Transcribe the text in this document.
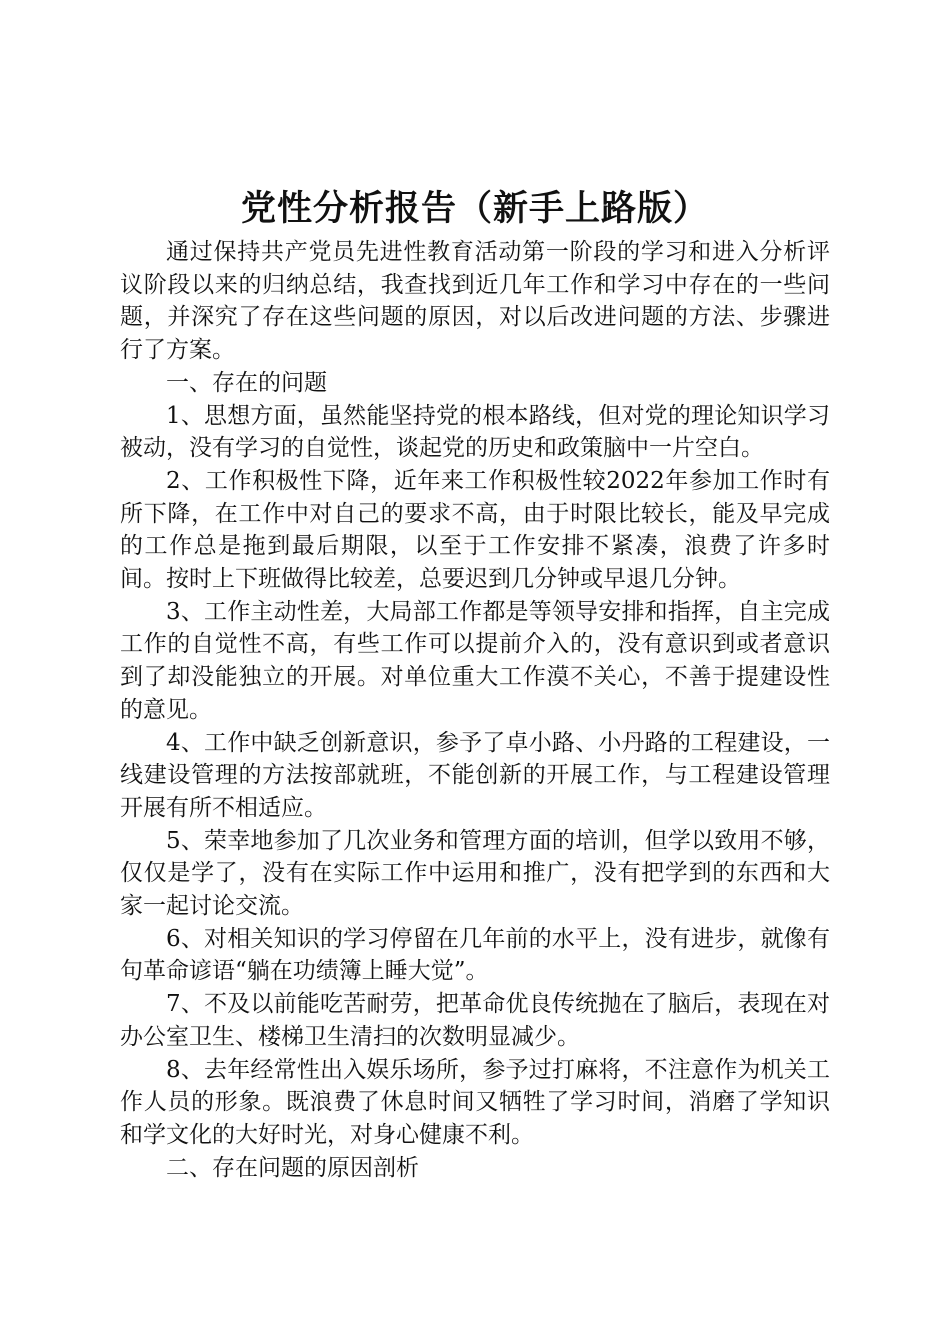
党性分析报告（新手上路版）

通过保持共产党员先进性教育活动第一阶段的学习和进入分析评议阶段以来的归纳总结，我查找到近几年工作和学习中存在的一些问题，并深究了存在这些问题的原因，对以后改进问题的方法、步骤进行了方案。

一、存在的问题

1、思想方面，虽然能坚持党的根本路线，但对党的理论知识学习被动，没有学习的自觉性，谈起党的历史和政策脑中一片空白。

2、工作积极性下降，近年来工作积极性较2022年参加工作时有所下降，在工作中对自己的要求不高，由于时限比较长，能及早完成的工作总是拖到最后期限，以至于工作安排不紧凑，浪费了许多时间。按时上下班做得比较差，总要迟到几分钟或早退几分钟。

3、工作主动性差，大局部工作都是等领导安排和指挥，自主完成工作的自觉性不高，有些工作可以提前介入的，没有意识到或者意识到了却没能独立的开展。对单位重大工作漠不关心，不善于提建设性的意见。

4、工作中缺乏创新意识，参予了卓小路、小丹路的工程建设，一线建设管理的方法按部就班，不能创新的开展工作，与工程建设管理开展有所不相适应。

5、荣幸地参加了几次业务和管理方面的培训，但学以致用不够，仅仅是学了，没有在实际工作中运用和推广，没有把学到的东西和大家一起讨论交流。

6、对相关知识的学习停留在几年前的水平上，没有进步，就像有句革命谚语“躺在功绩簿上睡大觉”。

7、不及以前能吃苦耐劳，把革命优良传统抛在了脑后，表现在对办公室卫生、楼梯卫生清扫的次数明显减少。

8、去年经常性出入娱乐场所，参予过打麻将，不注意作为机关工作人员的形象。既浪费了休息时间又牺牲了学习时间，消磨了学知识和学文化的大好时光，对身心健康不利。

二、存在问题的原因剖析
